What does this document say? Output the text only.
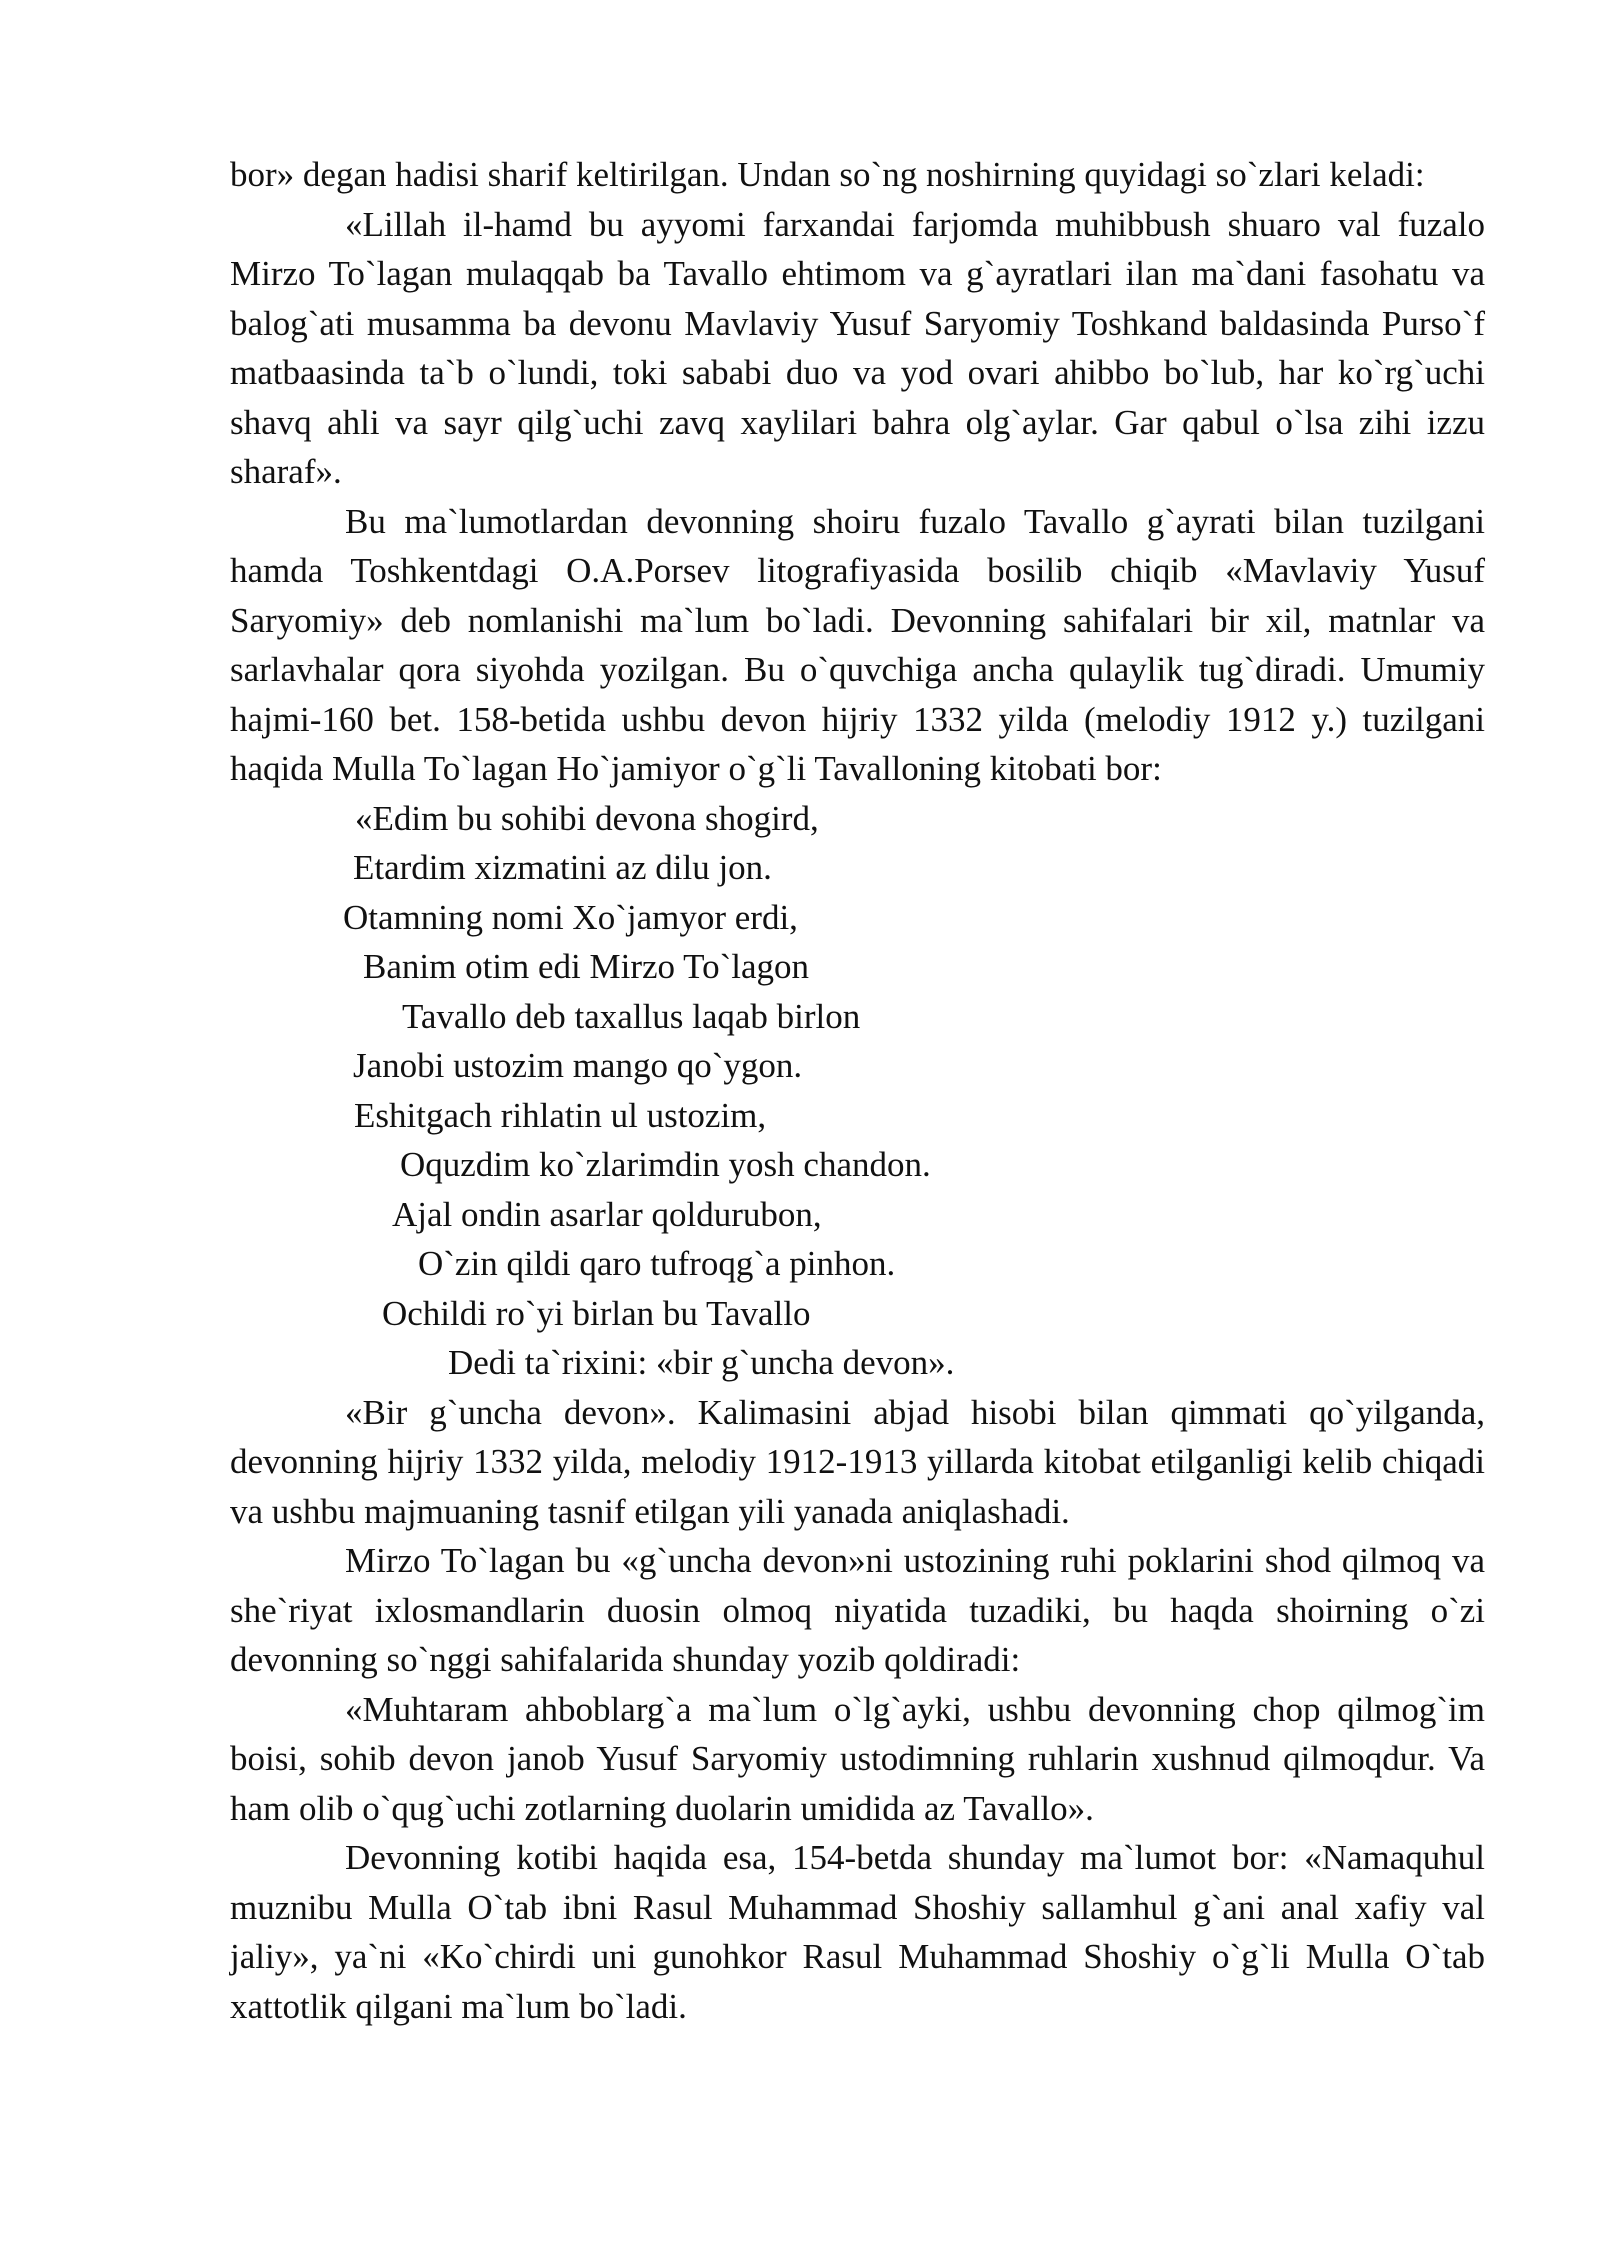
bor» degan hadisi sharif keltirilgan. Undan so`ng noshirning quyidagi so`zlari keladi:

«Lillah il-hamd bu ayyomi farxandai farjomda muhibbush shuaro val fuzalo Mirzo To`lagan mulaqqab ba Tavallo ehtimom va g`ayratlari ilan ma`dani fasohatu va balog`ati musamma ba devonu Mavlaviy Yusuf Saryomiy Toshkand baldasinda Purso`f matbaasinda ta`b o`lundi, toki sababi duo va yod ovari ahibbo bo`lub, har ko`rg`uchi shavq ahli va sayr qilg`uchi zavq xaylilari bahra olg`aylar. Gar qabul o`lsa zihi izzu sharaf».

Bu ma`lumotlardan devonning shoiru fuzalo Tavallo g`ayrati bilan tuzilgani hamda Toshkentdagi O.A.Porsev litografiyasida bosilib chiqib «Mavlaviy Yusuf Saryomiy» deb nomlanishi ma`lum bo`ladi. Devonning sahifalari bir xil, matnlar va sarlavhalar qora siyohda yozilgan. Bu o`quvchiga ancha qulaylik tug`diradi. Umumiy hajmi-160 bet. 158-betida ushbu devon hijriy 1332 yilda (melodiy 1912 y.) tuzilgani haqida Mulla To`lagan Ho`jamiyor o`g`li Tavalloning kitobati bor:

«Edim bu sohibi devona shogird,
Etardim xizmatini az dilu jon.
Otamning nomi Xo`jamyor erdi,
Banim otim edi Mirzo To`lagon
Tavallo deb taxallus laqab birlon
Janobi ustozim mango qo`ygon.
Eshitgach rihlatin ul ustozim,
Oquzdim ko`zlarimdin yosh chandon.
Ajal ondin asarlar qoldurubon,
O`zin qildi qaro tufroqg`a pinhon.
Ochildi ro`yi birlan bu Tavallo
Dedi ta`rixini: «bir g`uncha devon».

«Bir g`uncha devon». Kalimasini abjad hisobi bilan qimmati qo`yilganda, devonning hijriy 1332 yilda, melodiy 1912-1913 yillarda kitobat etilganligi kelib chiqadi va ushbu majmuaning tasnif etilgan yili yanada aniqlashadi.

Mirzo To`lagan bu «g`uncha devon»ni ustozining ruhi poklarini shod qilmoq va she`riyat ixlosmandlarin duosin olmoq niyatida tuzadiki, bu haqda shoirning o`zi devonning so`nggi sahifalarida shunday yozib qoldiradi:

«Muhtaram ahboblarg`a ma`lum o`lg`ayki, ushbu devonning chop qilmog`im boisi, sohib devon janob Yusuf Saryomiy ustodimning ruhlarin xushnud qilmoqdur. Va ham olib o`qug`uchi zotlarning duolarin umidida az Tavallo».

Devonning kotibi haqida esa, 154-betda shunday ma`lumot bor: «Namaquhul muznibu Mulla O`tab ibni Rasul Muhammad Shoshiy sallamhul g`ani anal xafiy val jaliy», ya`ni «Ko`chirdi uni gunohkor Rasul Muhammad Shoshiy o`g`li Mulla O`tab xattotlik qilgani ma`lum bo`ladi.
